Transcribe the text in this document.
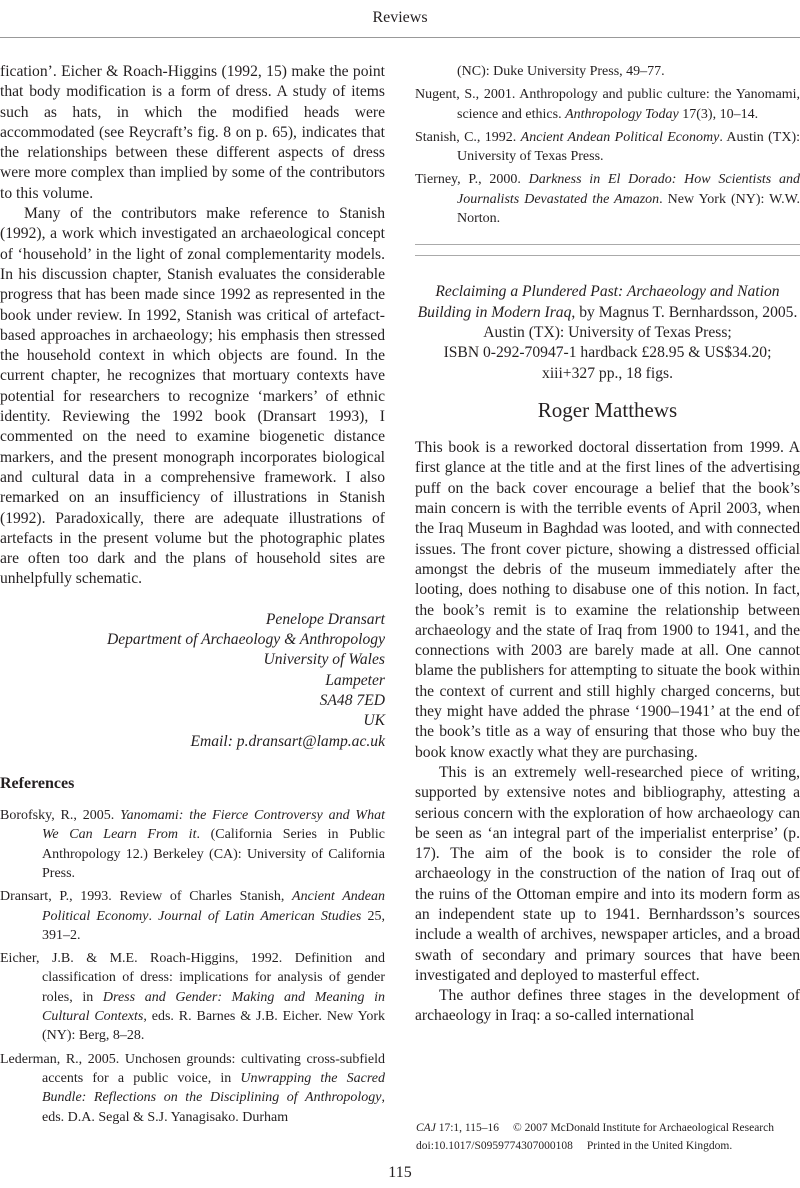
Reviews

fication’. Eicher & Roach-Higgins (1992, 15) make the point that body modification is a form of dress. A study of items such as hats, in which the modified heads were accommodated (see Reycraft’s fig. 8 on p. 65), indicates that the relationships between these different aspects of dress were more complex than implied by some of the contributors to this volume.

Many of the contributors make reference to Stanish (1992), a work which investigated an archaeological concept of ‘household’ in the light of zonal complementarity models. In his discussion chapter, Stanish evaluates the considerable progress that has been made since 1992 as represented in the book under review. In 1992, Stanish was critical of artefact-based approaches in archaeology; his emphasis then stressed the household context in which objects are found. In the current chapter, he recognizes that mortuary contexts have potential for researchers to recognize ‘markers’ of ethnic identity. Reviewing the 1992 book (Dransart 1993), I commented on the need to examine biogenetic distance markers, and the present monograph incorporates biological and cultural data in a comprehensive framework. I also remarked on an insufficiency of illustrations in Stanish (1992). Paradoxically, there are adequate illustrations of artefacts in the present volume but the photographic plates are often too dark and the plans of household sites are unhelpfully schematic.

Penelope Dransart
Department of Archaeology & Anthropology
University of Wales
Lampeter
SA48 7ED
UK
Email: p.dransart@lamp.ac.uk
References

Borofsky, R., 2005. Yanomami: the Fierce Controversy and What We Can Learn From it. (California Series in Public Anthropology 12.) Berkeley (CA): University of California Press.

Dransart, P., 1993. Review of Charles Stanish, Ancient Andean Political Economy. Journal of Latin American Studies 25, 391–2.

Eicher, J.B. & M.E. Roach-Higgins, 1992. Definition and classification of dress: implications for analysis of gender roles, in Dress and Gender: Making and Meaning in Cultural Contexts, eds. R. Barnes & J.B. Eicher. New York (NY): Berg, 8–28.

Lederman, R., 2005. Unchosen grounds: cultivating cross-subfield accents for a public voice, in Unwrapping the Sacred Bundle: Reflections on the Disciplining of Anthropology, eds. D.A. Segal & S.J. Yanagisako. Durham

(NC): Duke University Press, 49–77.

Nugent, S., 2001. Anthropology and public culture: the Yanomami, science and ethics. Anthropology Today 17(3), 10–14.

Stanish, C., 1992. Ancient Andean Political Economy. Austin (TX): University of Texas Press.

Tierney, P., 2000. Darkness in El Dorado: How Scientists and Journalists Devastated the Amazon. New York (NY): W.W. Norton.

Reclaiming a Plundered Past: Archaeology and Nation Building in Modern Iraq, by Magnus T. Bernhardsson, 2005. Austin (TX): University of Texas Press;
ISBN 0-292-70947-1 hardback £28.95 & US$34.20;
xiii+327 pp., 18 figs.
Roger Matthews

This book is a reworked doctoral dissertation from 1999. A first glance at the title and at the first lines of the advertising puff on the back cover encourage a belief that the book’s main concern is with the terrible events of April 2003, when the Iraq Museum in Baghdad was looted, and with connected issues. The front cover picture, showing a distressed official amongst the debris of the museum immediately after the looting, does nothing to disabuse one of this notion. In fact, the book’s remit is to examine the relationship between archaeology and the state of Iraq from 1900 to 1941, and the connections with 2003 are barely made at all. One cannot blame the publishers for attempting to situate the book within the context of current and still highly charged concerns, but they might have added the phrase ‘1900–1941’ at the end of the book’s title as a way of ensuring that those who buy the book know exactly what they are purchasing.

This is an extremely well-researched piece of writing, supported by extensive notes and bibliography, attesting a serious concern with the exploration of how archaeology can be seen as ‘an integral part of the imperialist enterprise’ (p. 17). The aim of the book is to consider the role of archaeology in the construction of the nation of Iraq out of the ruins of the Ottoman empire and into its modern form as an independent state up to 1941. Bernhardsson’s sources include a wealth of archives, newspaper articles, and a broad swath of secondary and primary sources that have been investigated and deployed to masterful effect.

The author defines three stages in the development of archaeology in Iraq: a so-called international

CAJ 17:1, 115–16 © 2007 McDonald Institute for Archaeological Research
doi:10.1017/S0959774307000108 Printed in the United Kingdom.
115
